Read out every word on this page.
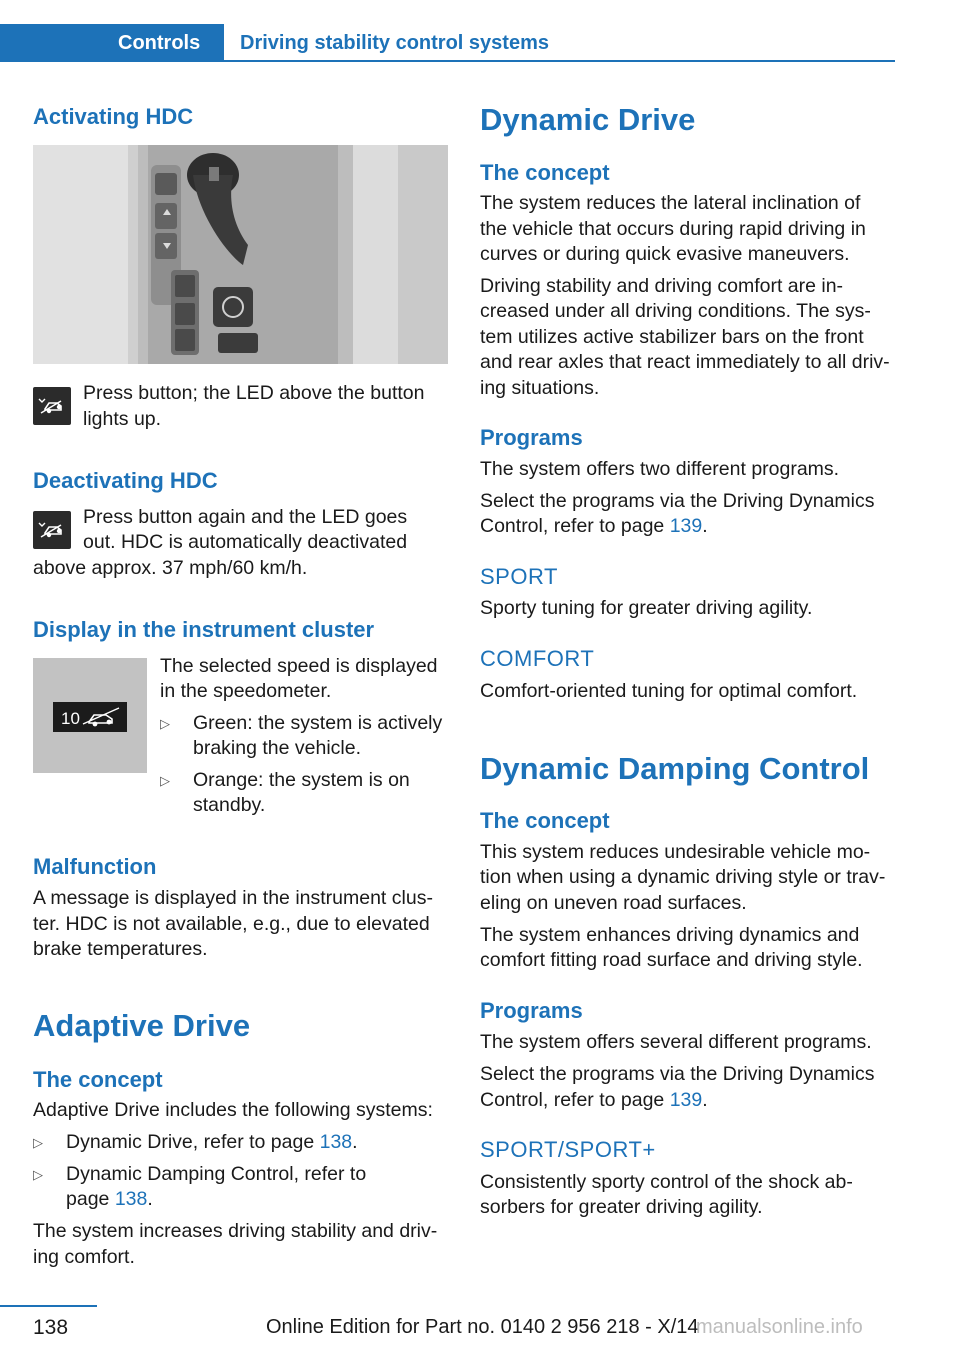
Controls Driving stability control systems
Activating HDC
Press button; the LED above the button lights up.
Deactivating HDC
Press button again and the LED goes
out. HDC is automatically deactivated
above approx. 37 mph/60 km/h.
Display in the instrument cluster
10
The selected speed is displayed
in the speedometer.
▷ Green: the system is actively
braking the vehicle.
▷ Orange: the system is on
standby.
Malfunction
A message is displayed in the instrument clus-
ter. HDC is not available, e.g., due to elevated
brake temperatures.
Adaptive Drive
The concept
Adaptive Drive includes the following systems:
▷ Dynamic Drive, refer to page 138.
▷ Dynamic Damping Control, refer to
page 138.
The system increases driving stability and driv-
ing comfort.
Dynamic Drive
The concept
The system reduces the lateral inclination of
the vehicle that occurs during rapid driving in
curves or during quick evasive maneuvers.
Driving stability and driving comfort are in-
creased under all driving conditions. The sys-
tem utilizes active stabilizer bars on the front
and rear axles that react immediately to all driv-
ing situations.
Programs
The system offers two different programs.
Select the programs via the Driving Dynamics
Control, refer to page 139.
SPORT
Sporty tuning for greater driving agility.
COMFORT
Comfort-oriented tuning for optimal comfort.
Dynamic Damping Control
The concept
This system reduces undesirable vehicle mo-
tion when using a dynamic driving style or trav-
eling on uneven road surfaces.
The system enhances driving dynamics and
comfort fitting road surface and driving style.
Programs
The system offers several different programs.
Select the programs via the Driving Dynamics
Control, refer to page 139.
SPORT/SPORT+
Consistently sporty control of the shock ab-
sorbers for greater driving agility.
138	Online Edition for Part no. 0140 2 956 218 - X/14
manualsonline.info
